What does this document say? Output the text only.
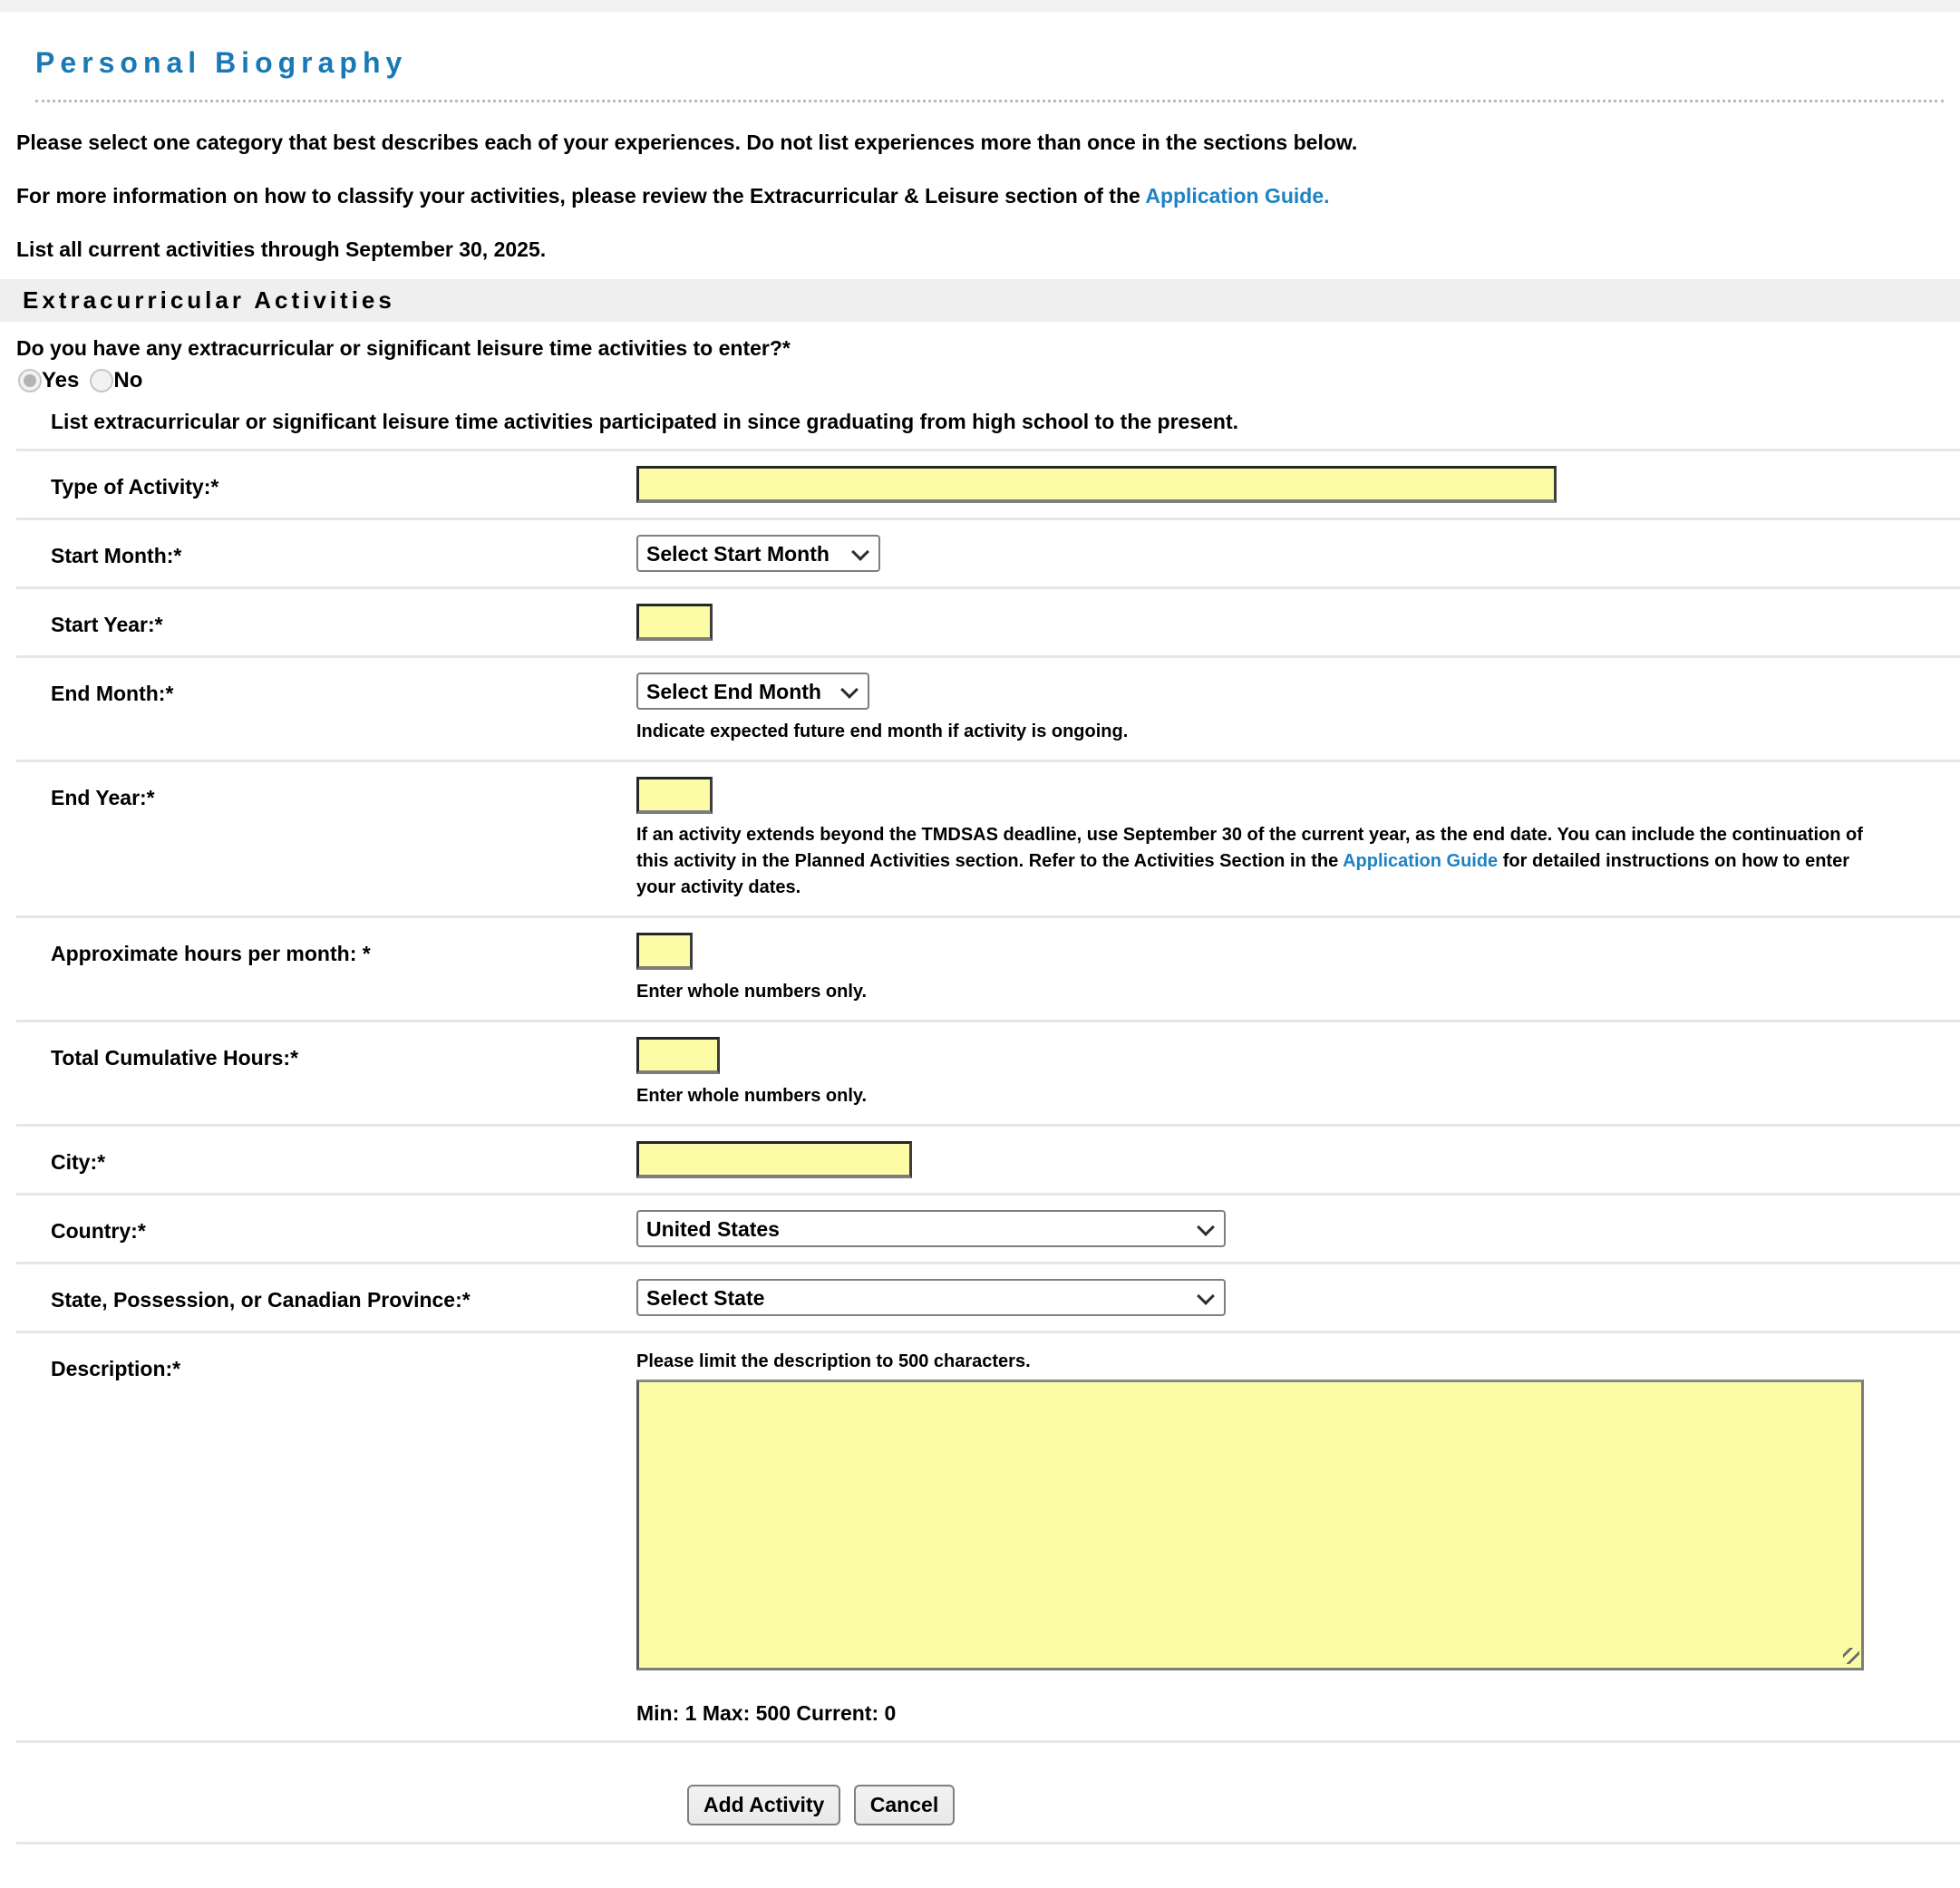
Personal Biography

Please select one category that best describes each of your experiences. Do not list experiences more than once in the sections below.

For more information on how to classify your activities, please review the Extracurricular & Leisure section of the Application Guide.

List all current activities through September 30, 2025.

Extracurricular Activities
Do you have any extracurricular or significant leisure time activities to enter?*
Yes No
List extracurricular or significant leisure time activities participated in since graduating from high school to the present.
Type of Activity:*
Start Month:*
Select Start Month
Start Year:*
End Month:*
Select End Month
Indicate expected future end month if activity is ongoing.
End Year:*
If an activity extends beyond the TMDSAS deadline, use September 30 of the current year, as the end date. You can include the continuation of this activity in the Planned Activities section. Refer to the Activities Section in the Application Guide for detailed instructions on how to enter your activity dates.
Approximate hours per month: *
Enter whole numbers only.
Total Cumulative Hours:*
Enter whole numbers only.
City:*
Country:*
United States
State, Possession, or Canadian Province:*
Select State
Description:*	Please limit the description to 500 characters.
Min: 1 Max: 500 Current: 0
Add Activity Cancel
